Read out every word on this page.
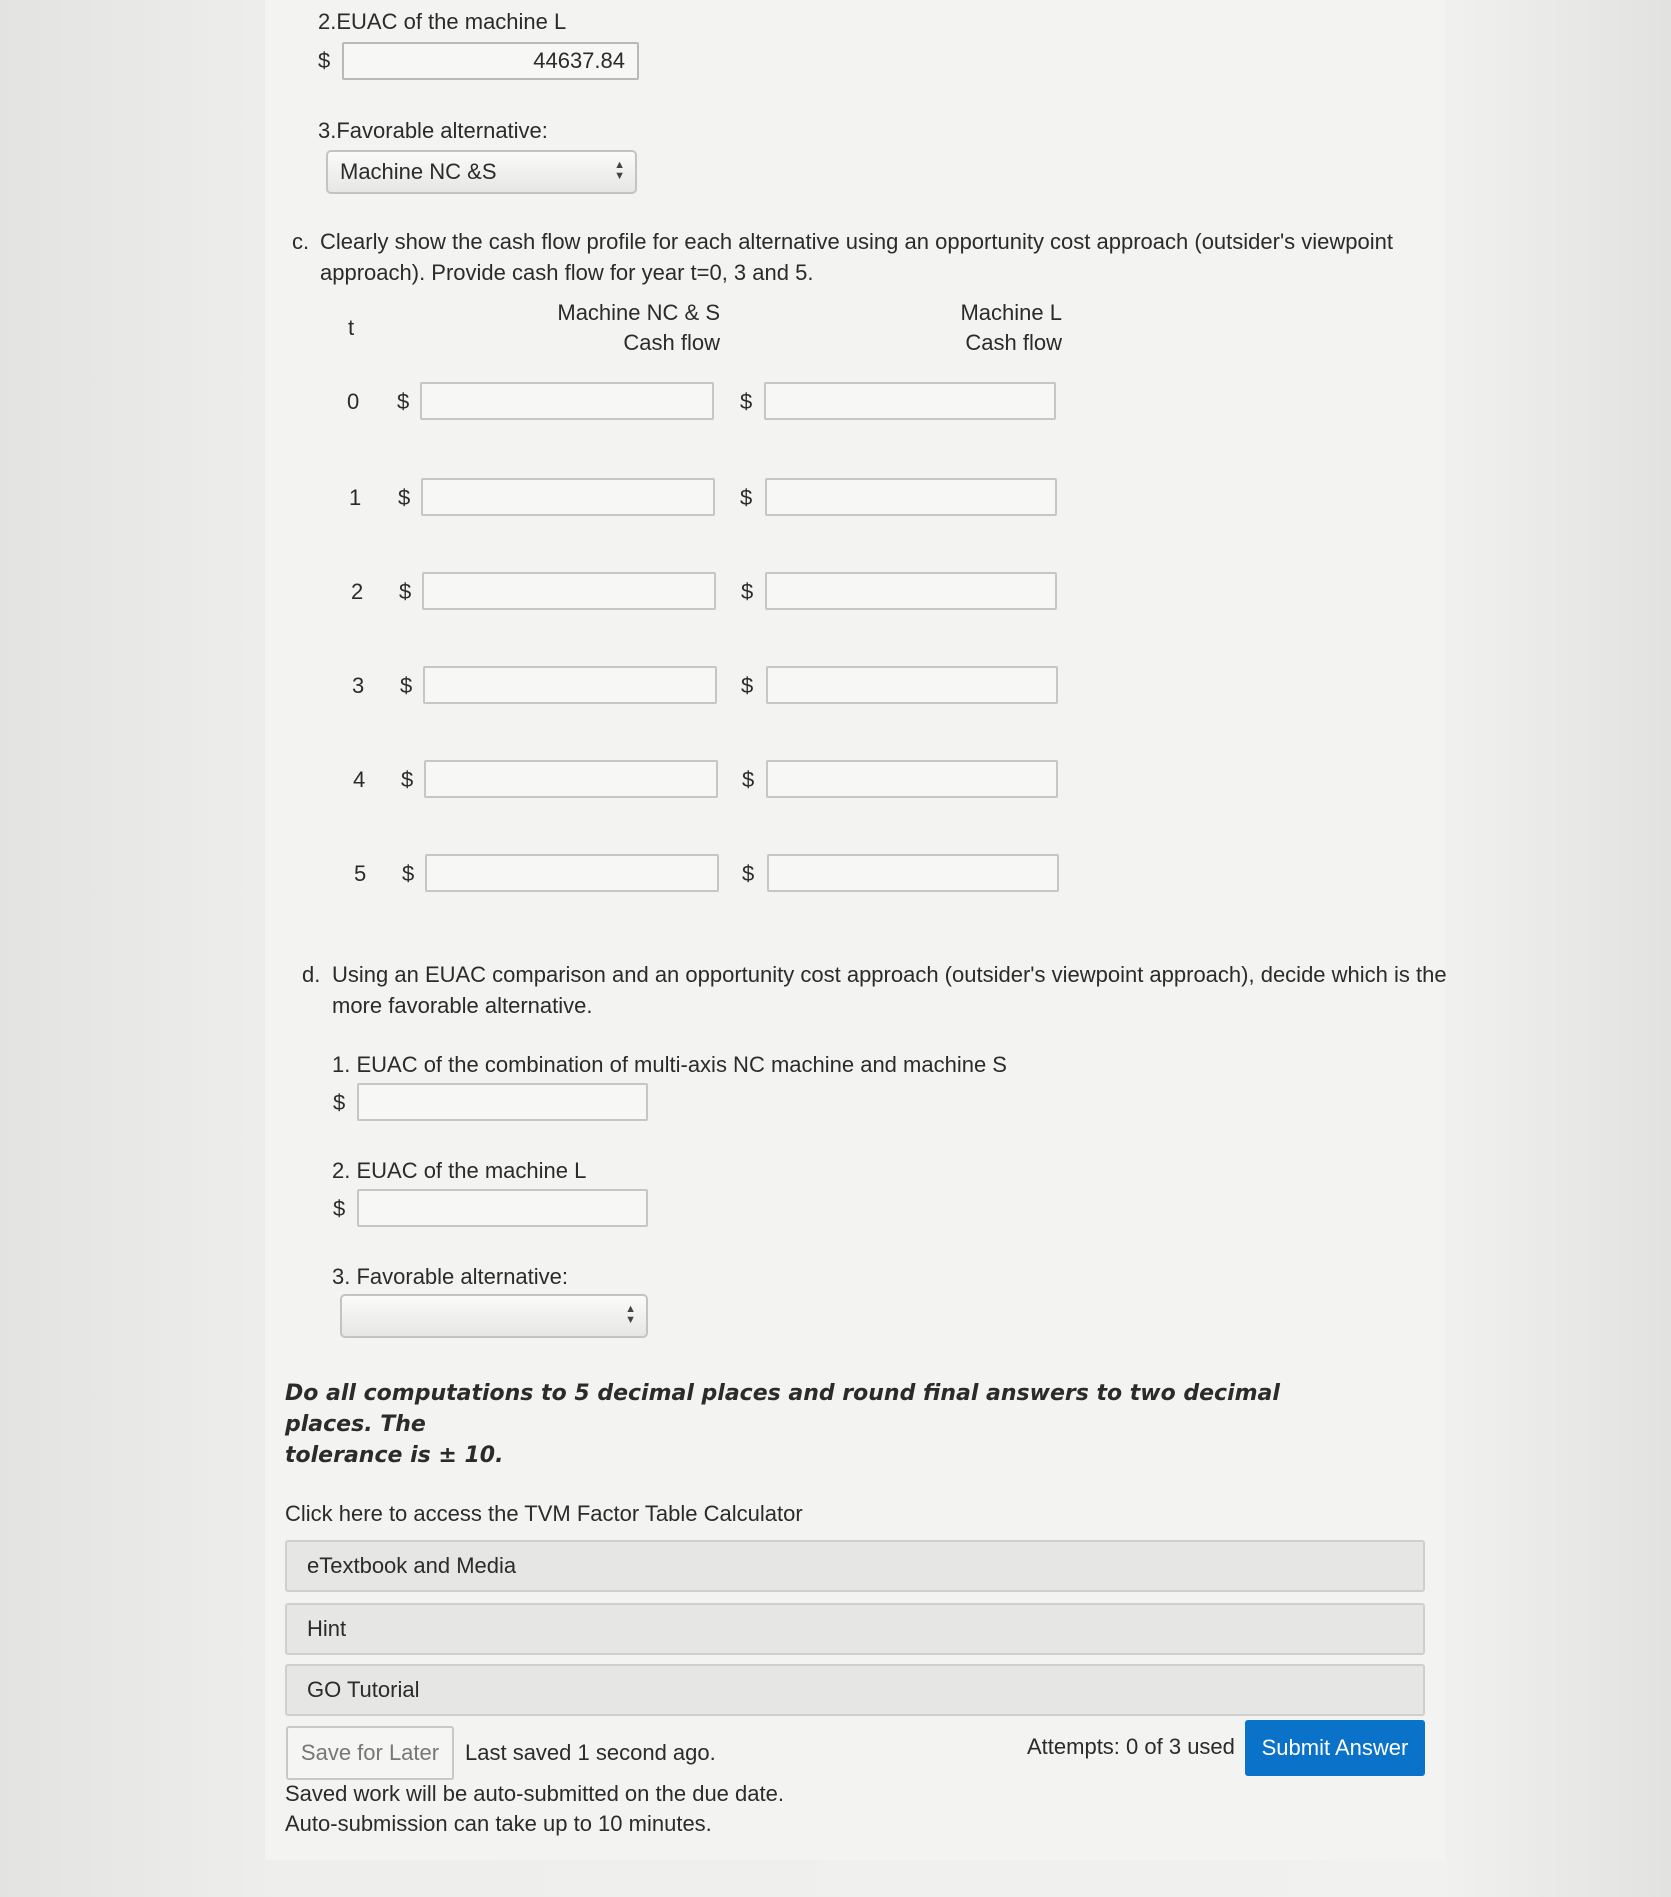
2.EUAC of the machine L
$	44637.84
3.Favorable alternative:
Machine NC &S	▲
▼
c. Clearly show the cash flow profile for each alternative using an opportunity cost approach (outsider's viewpoint
approach). Provide cash flow for year t=0, 3 and 5.
t
Machine NC & S
Cash flow
Machine L
Cash flow
0 $	$
1 $	$
2 $	$
3 $	$
4 $	$
5 $	$
d. Using an EUAC comparison and an opportunity cost approach (outsider's viewpoint approach), decide which is the
more favorable alternative.
1. EUAC of the combination of multi-axis NC machine and machine S
$
2. EUAC of the machine L
$
3. Favorable alternative:
▲
▼
Do all computations to 5 decimal places and round final answers to two decimal places. The
tolerance is ± 10.
Click here to access the TVM Factor Table Calculator
eTextbook and Media
Hint
GO Tutorial
Save for Later	Last saved 1 second ago.	Attempts: 0 of 3 used	Submit Answer
Saved work will be auto-submitted on the due date.
Auto-submission can take up to 10 minutes.
